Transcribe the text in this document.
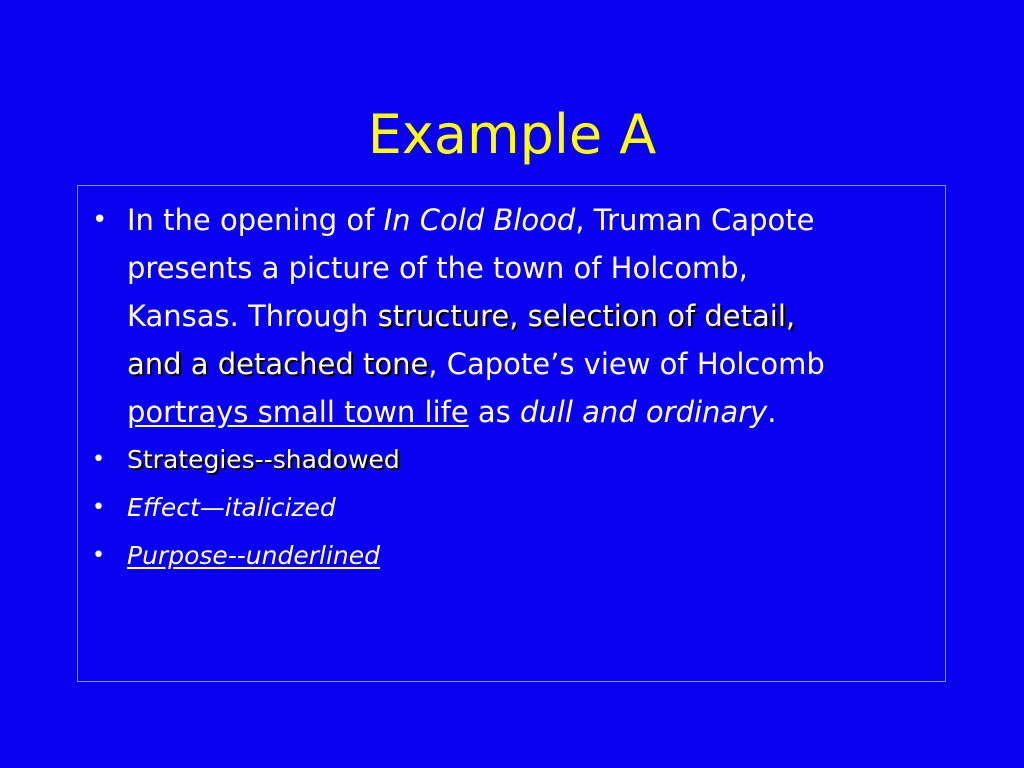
Example A
• In the opening of In Cold Blood, Truman Capote presents a picture of the town of Holcomb, Kansas. Through structure, selection of detail, and a detached tone, Capote’s view of Holcomb portrays small town life as dull and ordinary.
• Strategies--shadowed
• Effect—italicized
• Purpose--underlined
